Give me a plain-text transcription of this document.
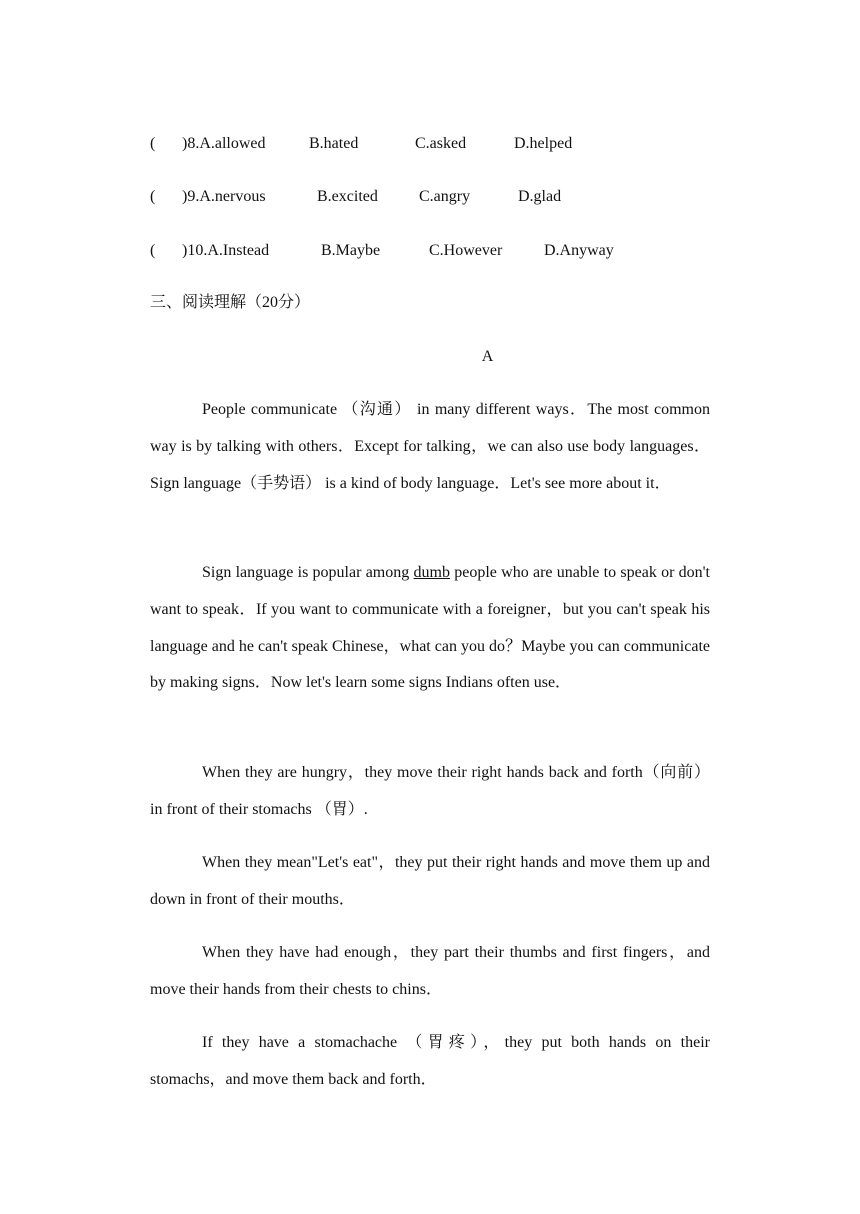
( )8.A.allowed	B.hated	C.asked	D.helped
( )9.A.nervous	B.excited	C.angry	D.glad
( )10.A.Instead	B.Maybe	C.However	D.Anyway
三、阅读理解（20分）
A

People communicate （沟通） in many different ways．The most common way is by talking with others．Except for talking，we can also use body languages．Sign language（手势语） is a kind of body language．Let's see more about it．

Sign language is popular among dumb people who are unable to speak or don't want to speak．If you want to communicate with a foreigner，but you can't speak his language and he can't speak Chinese，what can you do？Maybe you can communicate by making signs．Now let's learn some signs Indians often use．

When they are hungry，they move their right hands back and forth（向前） in front of their stomachs （胃）.

When they mean"Let's eat"，they put their right hands and move them up and down in front of their mouths．

When they have had enough，they part their thumbs and first fingers，and move their hands from their chests to chins．

If they have a stomachache （胃疼），they put both hands on their stomachs，and move them back and forth．
